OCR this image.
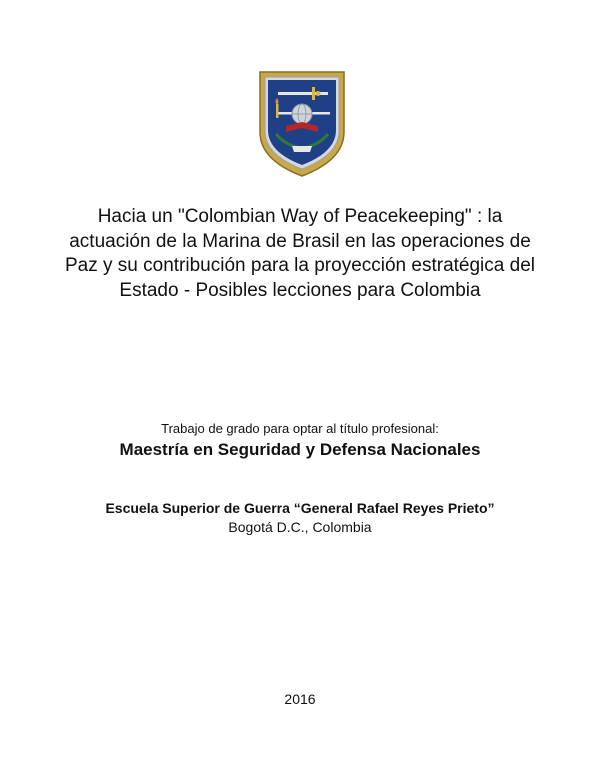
Hacia un "Colombian Way of Peacekeeping" : la actuación de la Marina de Brasil en las operaciones de Paz y su contribución para la proyección estratégica del Estado - Posibles lecciones para Colombia
Trabajo de grado para optar al título profesional:
Maestría en Seguridad y Defensa Nacionales
Escuela Superior de Guerra “General Rafael Reyes Prieto”
Bogotá D.C., Colombia
2016
